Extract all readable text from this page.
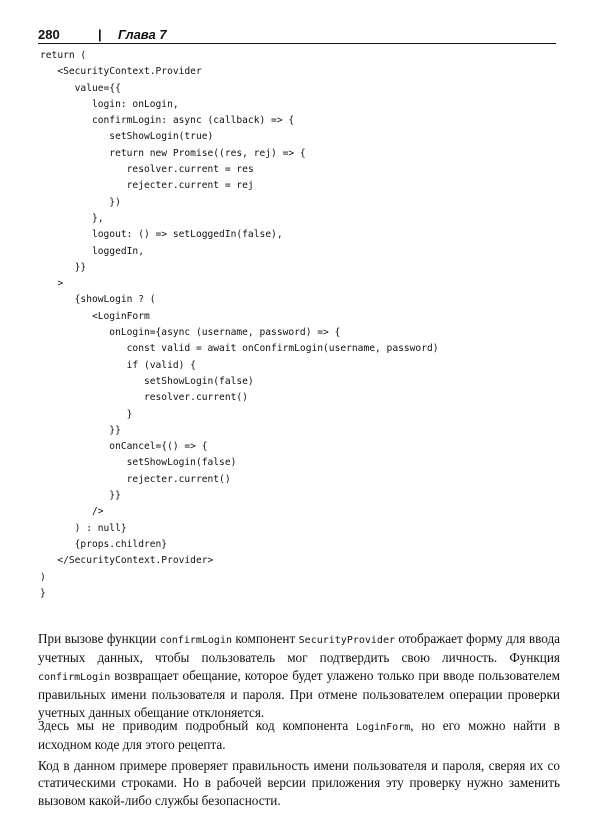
280	| Глава 7
return (
<SecurityContext.Provider
value={{
login: onLogin,
confirmLogin: async (callback) => {
setShowLogin(true)
return new Promise((res, rej) => {
resolver.current = res
rejecter.current = rej
})
},
logout: () => setLoggedIn(false),
loggedIn,
}}
>
{showLogin ? (
<LoginForm
onLogin={async (username, password) => {
const valid = await onConfirmLogin(username, password)
if (valid) {
setShowLogin(false)
resolver.current()
}
}}
onCancel={() => {
setShowLogin(false)
rejecter.current()
}}
/>
) : null}
{props.children}
</SecurityContext.Provider>
)
}

При вызове функции confirmLogin компонент SecurityProvider отображает форму для ввода учетных данных, чтобы пользователь мог подтвердить свою личность. Функция confirmLogin возвращает обещание, которое будет улажено только при вводе пользователем правильных имени пользователя и пароля. При отмене пользователем операции проверки учетных данных обещание отклоняется.

Здесь мы не приводим подробный код компонента LoginForm, но его можно найти в исходном коде для этого рецепта.

Код в данном примере проверяет правильность имени пользователя и пароля, сверяя их со статическими строками. Но в рабочей версии приложения эту проверку нужно заменить вызовом какой-либо службы безопасности.
